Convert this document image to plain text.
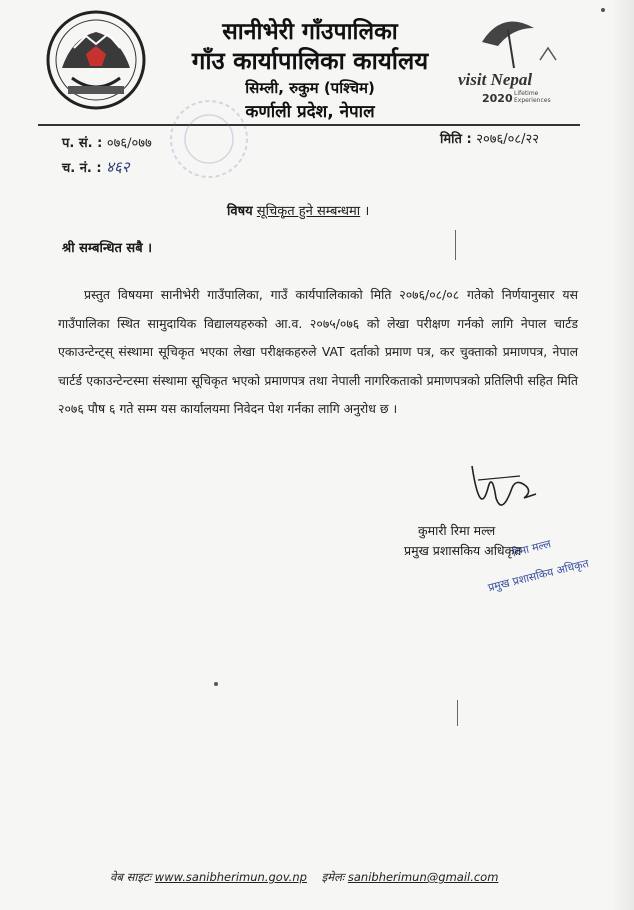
सानीभेरी गाँउपालिका
गाँउ कार्यापालिका कार्यालय
सिम्ली, रुकुम (पश्चिम)
कर्णाली प्रदेश, नेपाल
visit Nepal
2020 Lifetime Experiences
प. सं. : ०७६/०७७
च. नं. : ४६२
मिति : २०७६/०८/२२
विषय सूचिकृत हुने सम्बन्धमा ।
श्री सम्बन्धित सबै ।
प्रस्तुत विषयमा सानीभेरी गाउँपालिका, गाउँ कार्यपालिकाको मिति २०७६/०८/०८ गतेको निर्णयानुसार यस गाउँपालिका स्थित सामुदायिक विद्यालयहरुको आ.व. २०७५/०७६ को लेखा परीक्षण गर्नको लागि नेपाल चार्टड एकाउन्टेन्ट्स् संस्थामा सूचिकृत भएका लेखा परीक्षकहरुले VAT दर्ताको प्रमाण पत्र, कर चुक्ताको प्रमाणपत्र, नेपाल चार्टर्ड एकाउन्टेन्टस्मा संस्थामा सूचिकृत भएको प्रमाणपत्र तथा नेपाली नागरिकताको प्रमाणपत्रको प्रतिलिपी सहित मिति २०७६ पौष ६ गते सम्म यस कार्यालयमा निवेदन पेश गर्नका लागि अनुरोध छ ।
रिमा मल्ल
प्रमुख प्रशासकिय अधिकृत
कुमारी रिमा मल्ल
प्रमुख प्रशासकिय अधिकृत
वेब साइटः www.sanibherimun.gov.np इमेलः sanibherimun@gmail.com
